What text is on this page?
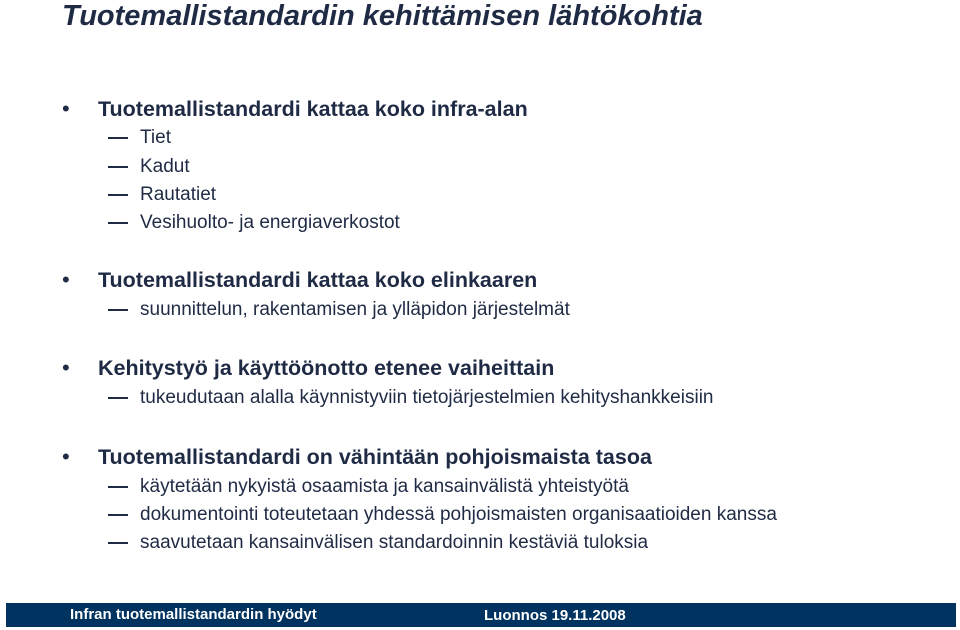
Tuotemallistandardin kehittämisen lähtökohtia
•	Tuotemallistandardi kattaa koko infra-alan
Tiet
Kadut
Rautatiet
Vesihuolto- ja energiaverkostot
•	Tuotemallistandardi kattaa koko elinkaaren
suunnittelun, rakentamisen ja ylläpidon järjestelmät
•	Kehitystyö ja käyttöönotto etenee vaiheittain
tukeudutaan alalla käynnistyviin tietojärjestelmien kehityshankkeisiin
•	Tuotemallistandardi on vähintään pohjoismaista tasoa
käytetään nykyistä osaamista ja kansainvälistä yhteistyötä
dokumentointi toteutetaan yhdessä pohjoismaisten organisaatioiden kanssa
saavutetaan kansainvälisen standardoinnin kestäviä tuloksia
Infran tuotemallistandardin hyödyt	Luonnos 19.11.2008
